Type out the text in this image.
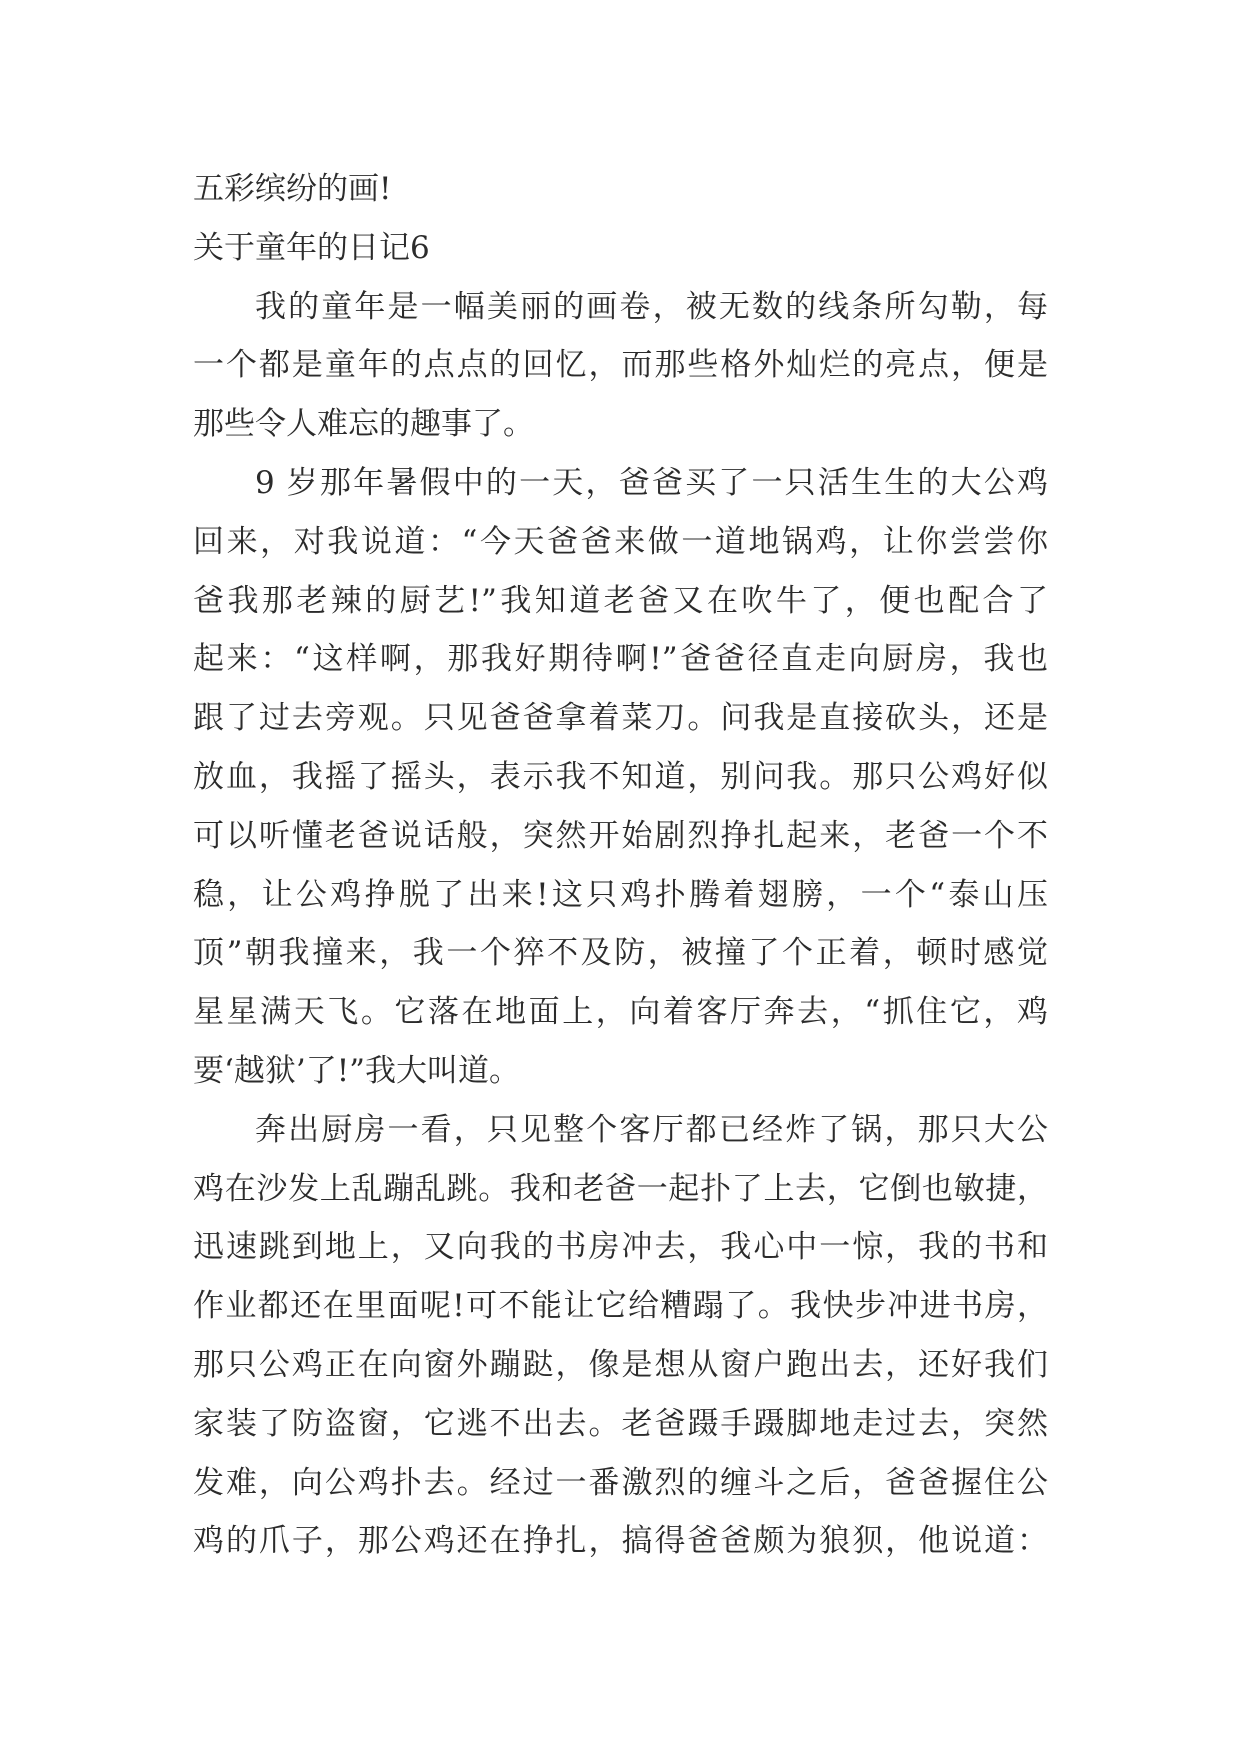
五彩缤纷的画!
关于童年的日记6
我的童年是一幅美丽的画卷，被无数的线条所勾勒，每
一个都是童年的点点的回忆，而那些格外灿烂的亮点，便是
那些令人难忘的趣事了。
9 岁那年暑假中的一天，爸爸买了一只活生生的大公鸡
回来，对我说道：“今天爸爸来做一道地锅鸡，让你尝尝你
爸我那老辣的厨艺!”我知道老爸又在吹牛了，便也配合了
起来：“这样啊，那我好期待啊!”爸爸径直走向厨房，我也
跟了过去旁观。只见爸爸拿着菜刀。问我是直接砍头，还是
放血，我摇了摇头，表示我不知道，别问我。那只公鸡好似
可以听懂老爸说话般，突然开始剧烈挣扎起来，老爸一个不
稳，让公鸡挣脱了出来!这只鸡扑腾着翅膀，一个“泰山压
顶”朝我撞来，我一个猝不及防，被撞了个正着，顿时感觉
星星满天飞。它落在地面上，向着客厅奔去，“抓住它，鸡
要‘越狱’了!”我大叫道。
奔出厨房一看，只见整个客厅都已经炸了锅，那只大公
鸡在沙发上乱蹦乱跳。我和老爸一起扑了上去，它倒也敏捷，
迅速跳到地上，又向我的书房冲去，我心中一惊，我的书和
作业都还在里面呢!可不能让它给糟蹋了。我快步冲进书房，
那只公鸡正在向窗外蹦跶，像是想从窗户跑出去，还好我们
家装了防盗窗，它逃不出去。老爸蹑手蹑脚地走过去，突然
发难，向公鸡扑去。经过一番激烈的缠斗之后，爸爸握住公
鸡的爪子，那公鸡还在挣扎，搞得爸爸颇为狼狈，他说道：
